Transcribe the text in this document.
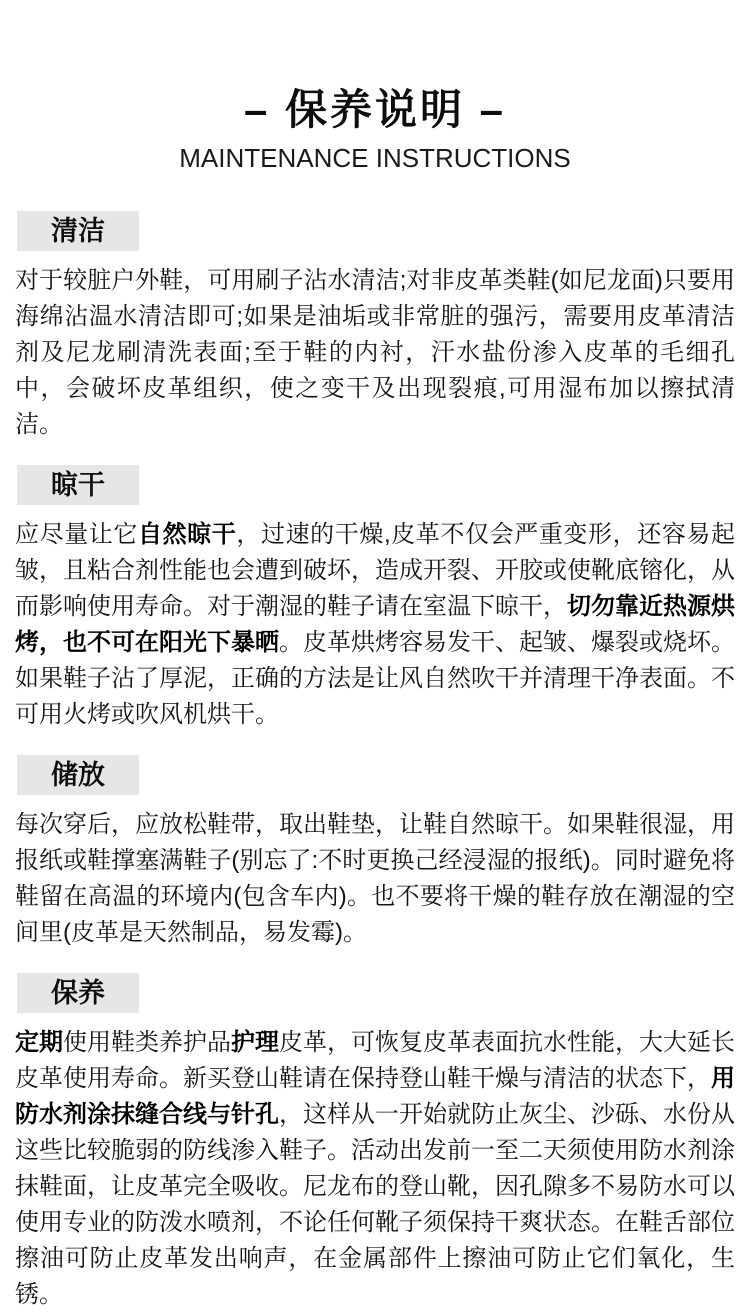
– 保养说明 –
MAINTENANCE INSTRUCTIONS
清洁

对于较脏户外鞋，可用刷子沾水清洁;对非皮革类鞋(如尼龙面)只要用海绵沾温水清洁即可;如果是油垢或非常脏的强污，需要用皮革清洁剂及尼龙刷清洗表面;至于鞋的内衬，汗水盐份渗入皮革的毛细孔中，会破坏皮革组织，使之变干及出现裂痕,可用湿布加以擦拭清洁。

晾干

应尽量让它自然晾干，过速的干燥,皮革不仅会严重变形，还容易起皱，且粘合剂性能也会遭到破坏，造成开裂、开胶或使靴底镕化，从而影响使用寿命。对于潮湿的鞋子请在室温下晾干，切勿靠近热源烘烤，也不可在阳光下暴晒。皮革烘烤容易发干、起皱、爆裂或烧坏。如果鞋子沾了厚泥，正确的方法是让风自然吹干并清理干净表面。不可用火烤或吹风机烘干。

储放

每次穿后，应放松鞋带，取出鞋垫，让鞋自然晾干。如果鞋很湿，用报纸或鞋撑塞满鞋子(别忘了:不时更换己经浸湿的报纸)。同时避免将鞋留在高温的环境内(包含车内)。也不要将干燥的鞋存放在潮湿的空间里(皮革是天然制品，易发霉)。

保养

定期使用鞋类养护品护理皮革，可恢复皮革表面抗水性能，大大延长皮革使用寿命。新买登山鞋请在保持登山鞋干燥与清洁的状态下，用防水剂涂抹缝合线与针孔，这样从一开始就防止灰尘、沙砾、水份从这些比较脆弱的防线渗入鞋子。活动出发前一至二天须使用防水剂涂抹鞋面，让皮革完全吸收。尼龙布的登山靴，因孔隙多不易防水可以使用专业的防泼水喷剂，不论任何靴子须保持干爽状态。在鞋舌部位擦油可防止皮革发出响声，在金属部件上擦油可防止它们氧化，生锈。
